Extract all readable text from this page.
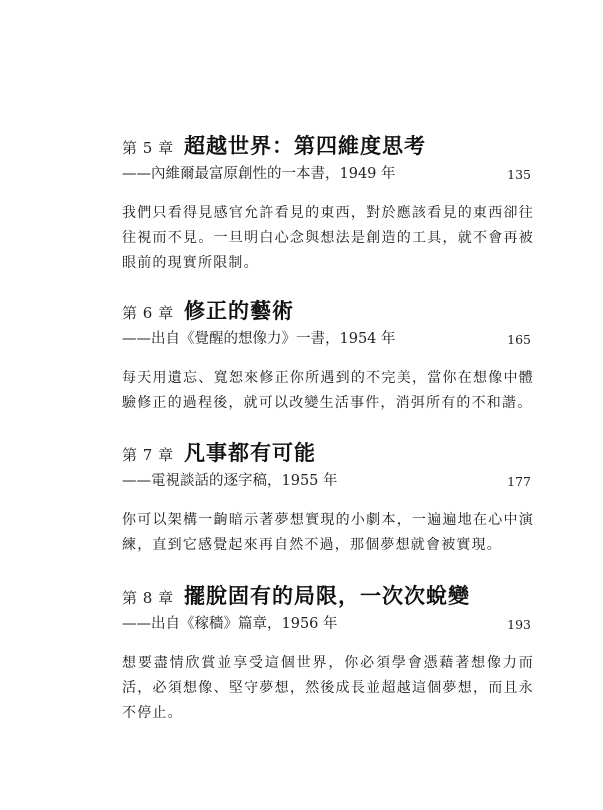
第 5 章 超越世界：第四維度思考
——內維爾最富原創性的一本書，1949 年	135
我們只看得見感官允許看見的東西，對於應該看見的東西卻往往視而不見。一旦明白心念與想法是創造的工具，就不會再被眼前的現實所限制。
第 6 章 修正的藝術
——出自《覺醒的想像力》一書，1954 年	165
每天用遺忘、寬恕來修正你所遇到的不完美，當你在想像中體驗修正的過程後，就可以改變生活事件，消弭所有的不和諧。
第 7 章 凡事都有可能
——電視談話的逐字稿，1955 年	177
你可以架構一齣暗示著夢想實現的小劇本，一遍遍地在心中演練，直到它感覺起來再自然不過，那個夢想就會被實現。
第 8 章 擺脫固有的局限，一次次蛻變
——出自《稼穡》篇章，1956 年	193
想要盡情欣賞並享受這個世界，你必須學會憑藉著想像力而活，必須想像、堅守夢想，然後成長並超越這個夢想，而且永不停止。
